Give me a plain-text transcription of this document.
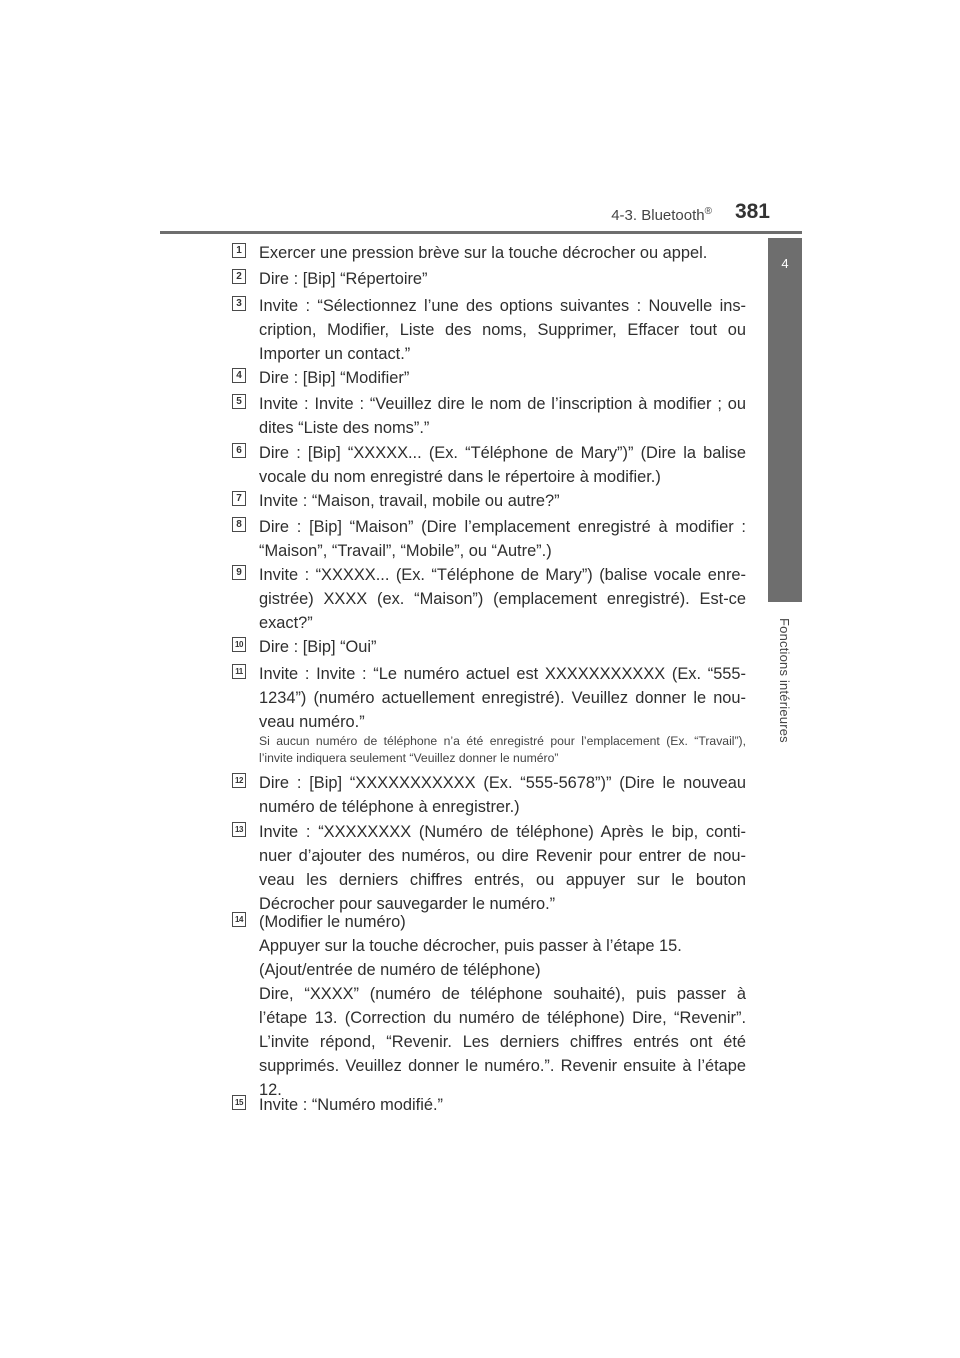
4-3. Bluetooth® 381
4
Fonctions intérieures
1 Exercer une pression brève sur la touche décrocher ou appel.
2 Dire : [Bip] “Répertoire”
3 Invite : “Sélectionnez l’une des options suivantes : Nouvelle ins-cription, Modifier, Liste des noms, Supprimer, Effacer tout ou Importer un contact.”
4 Dire : [Bip] “Modifier”
5 Invite : Invite : “Veuillez dire le nom de l’inscription à modifier ; ou dites “Liste des noms”.”
6 Dire : [Bip] “XXXXX... (Ex. “Téléphone de Mary”)” (Dire la balise vocale du nom enregistré dans le répertoire à modifier.)
7 Invite : “Maison, travail, mobile ou autre?”
8 Dire : [Bip] “Maison” (Dire l’emplacement enregistré à modifier : “Maison”, “Travail”, “Mobile”, ou “Autre”.)
9 Invite : “XXXXX... (Ex. “Téléphone de Mary”) (balise vocale enre-gistrée) XXXX (ex. “Maison”) (emplacement enregistré). Est-ce exact?”
10 Dire : [Bip] “Oui”
11 Invite : Invite : “Le numéro actuel est XXXXXXXXXXX (Ex. “555-1234”) (numéro actuellement enregistré). Veuillez donner le nou-veau numéro.”
Si aucun numéro de téléphone n’a été enregistré pour l’emplacement (Ex. “Travail”), l’invite indiquera seulement “Veuillez donner le numéro”
12 Dire : [Bip] “XXXXXXXXXXX (Ex. “555-5678”)” (Dire le nouveau numéro de téléphone à enregistrer.)
13 Invite : “XXXXXXXX (Numéro de téléphone) Après le bip, conti-nuer d’ajouter des numéros, ou dire Revenir pour entrer de nou-veau les derniers chiffres entrés, ou appuyer sur le bouton Décrocher pour sauvegarder le numéro.”
14 (Modifier le numéro)
Appuyer sur la touche décrocher, puis passer à l’étape 15.
(Ajout/entrée de numéro de téléphone)
Dire, “XXXX” (numéro de téléphone souhaité), puis passer à l’étape 13. (Correction du numéro de téléphone) Dire, “Revenir”. L’invite répond, “Revenir. Les derniers chiffres entrés ont été supprimés. Veuillez donner le numéro.”. Revenir ensuite à l’étape 12.
15 Invite : “Numéro modifié.”
